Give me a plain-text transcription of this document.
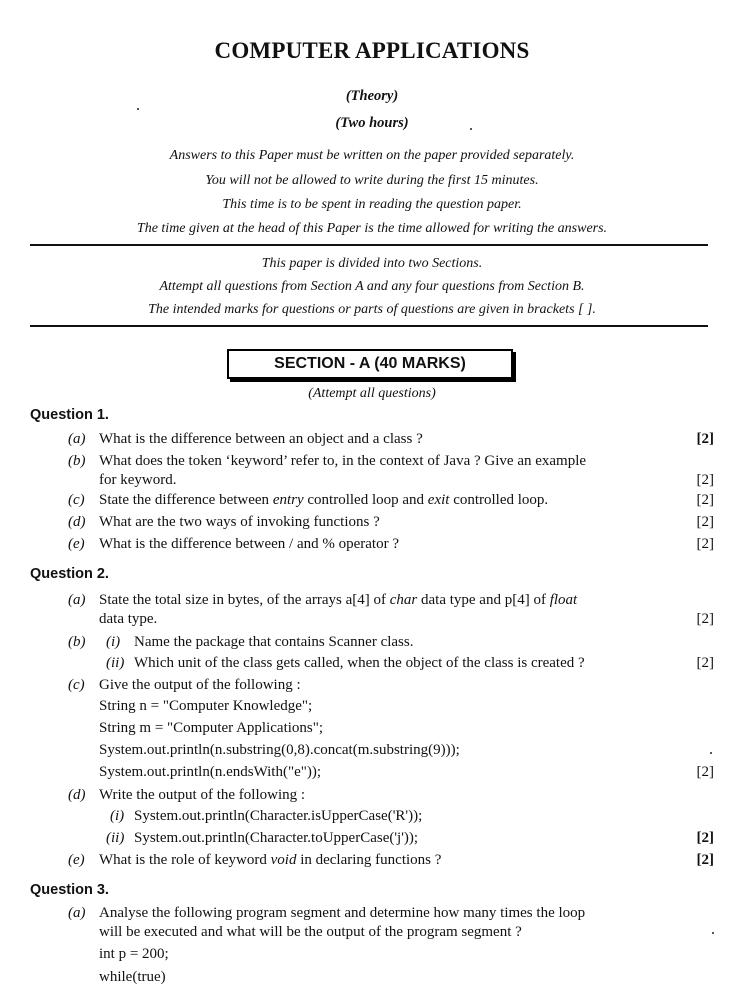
COMPUTER APPLICATIONS
(Theory)
(Two hours)
Answers to this Paper must be written on the paper provided separately.
You will not be allowed to write during the first 15 minutes.
This time is to be spent in reading the question paper.
The time given at the head of this Paper is the time allowed for writing the answers.
This paper is divided into two Sections.
Attempt all questions from Section A and any four questions from Section B.
The intended marks for questions or parts of questions are given in brackets [ ].
SECTION - A (40 MARKS)
(Attempt all questions)
Question 1.
(a) What is the difference between an object and a class ?	[2]
(b) What does the token ‘keyword’ refer to, in the context of Java ? Give an example
for keyword.	[2]
(c) State the difference between entry controlled loop and exit controlled loop.	[2]
(d) What are the two ways of invoking functions ?	[2]
(e) What is the difference between / and % operator ?	[2]
Question 2.
(a) State the total size in bytes, of the arrays a[4] of char data type and p[4] of float
data type.	[2]
(b) (i) Name the package that contains Scanner class.
(ii) Which unit of the class gets called, when the object of the class is created ?	[2]
(c) Give the output of the following :
String n = "Computer Knowledge";
String m = "Computer Applications";
System.out.println(n.substring(0,8).concat(m.substring(9)));
System.out.println(n.endsWith("e"));	[2]
(d) Write the output of the following :
(i) System.out.println(Character.isUpperCase('R'));
(ii) System.out.println(Character.toUpperCase('j'));	[2]
(e) What is the role of keyword void in declaring functions ?	[2]
Question 3.
(a) Analyse the following program segment and determine how many times the loop
will be executed and what will be the output of the program segment ?
int p = 200;
while(true)
